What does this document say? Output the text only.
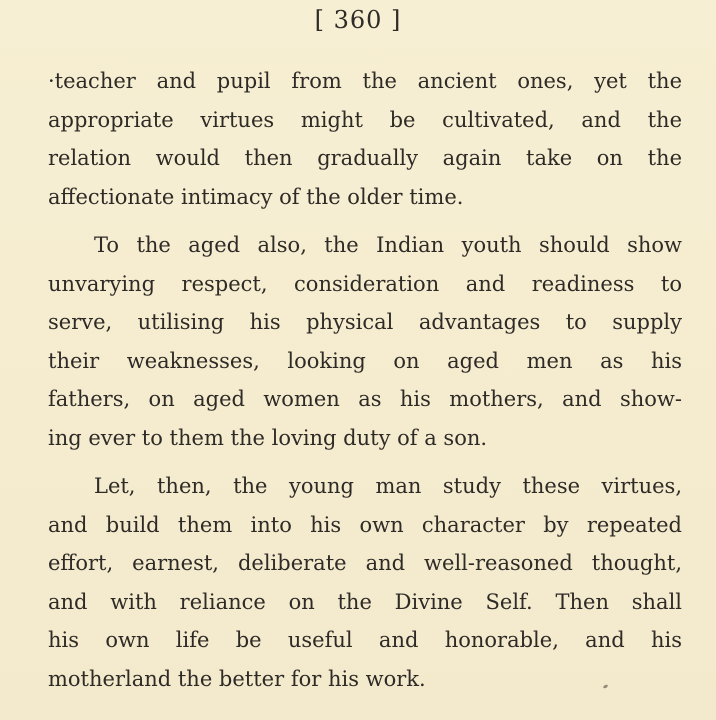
[ 360 ]

·teacher and pupil from the ancient ones, yet the
appropriate virtues might be cultivated, and the
relation would then gradually again take on the
affectionate intimacy of the older time.

To the aged also, the Indian youth should show
unvarying respect, consideration and readiness to
serve, utilising his physical advantages to supply
their weaknesses, looking on aged men as his
fathers, on aged women as his mothers, and show-
ing ever to them the loving duty of a son.

Let, then, the young man study these virtues,
and build them into his own character by repeated
effort, earnest, deliberate and well-reasoned thought,
and with reliance on the Divine Self. Then shall
his own life be useful and honorable, and his
motherland the better for his work.
